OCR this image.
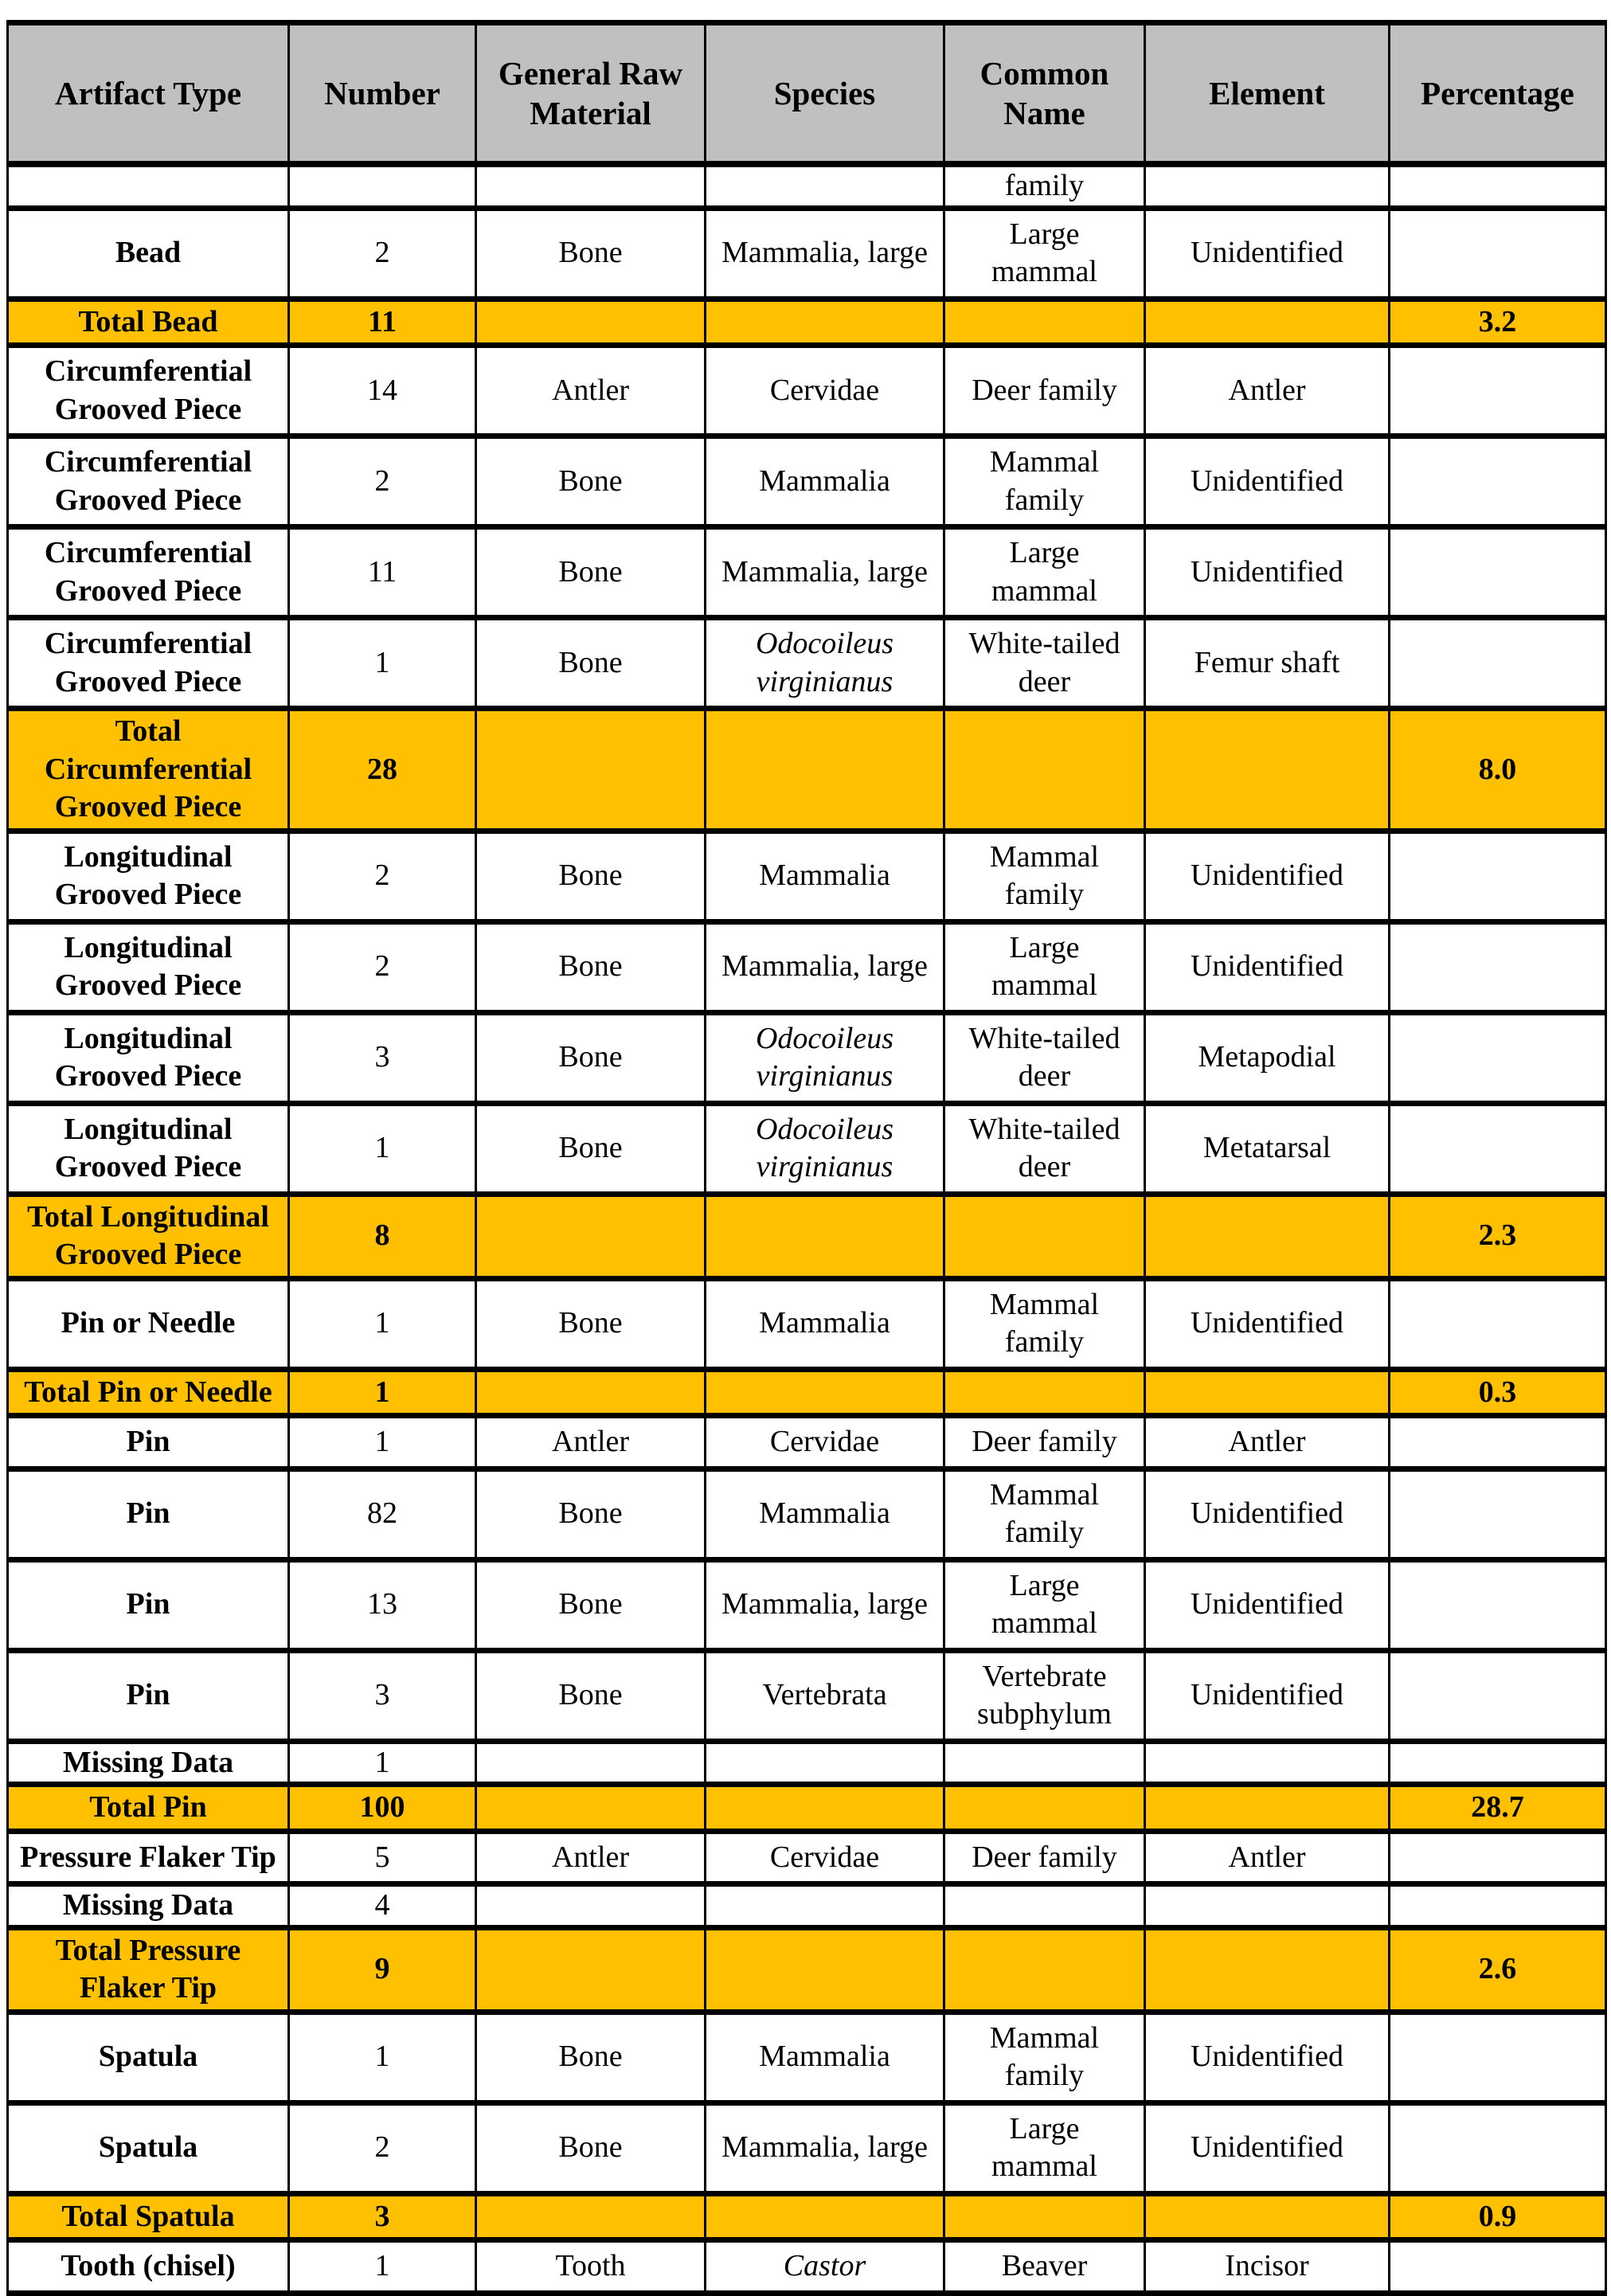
Artifact Type	Number	General Raw Material	Species	Common Name	Element	Percentage
				family		
Bead	2	Bone	Mammalia, large	Large mammal	Unidentified	
Total Bead	11					3.2
Circumferential Grooved Piece	14	Antler	Cervidae	Deer family	Antler	
Circumferential Grooved Piece	2	Bone	Mammalia	Mammal family	Unidentified	
Circumferential Grooved Piece	11	Bone	Mammalia, large	Large mammal	Unidentified	
Circumferential Grooved Piece	1	Bone	Odocoileus virginianus	White-tailed deer	Femur shaft	
Total Circumferential Grooved Piece	28					8.0
Longitudinal Grooved Piece	2	Bone	Mammalia	Mammal family	Unidentified	
Longitudinal Grooved Piece	2	Bone	Mammalia, large	Large mammal	Unidentified	
Longitudinal Grooved Piece	3	Bone	Odocoileus virginianus	White-tailed deer	Metapodial	
Longitudinal Grooved Piece	1	Bone	Odocoileus virginianus	White-tailed deer	Metatarsal	
Total Longitudinal Grooved Piece	8					2.3
Pin or Needle	1	Bone	Mammalia	Mammal family	Unidentified	
Total Pin or Needle	1					0.3
Pin	1	Antler	Cervidae	Deer family	Antler	
Pin	82	Bone	Mammalia	Mammal family	Unidentified	
Pin	13	Bone	Mammalia, large	Large mammal	Unidentified	
Pin	3	Bone	Vertebrata	Vertebrate subphylum	Unidentified	
Missing Data	1					
Total Pin	100					28.7
Pressure Flaker Tip	5	Antler	Cervidae	Deer family	Antler	
Missing Data	4					
Total Pressure Flaker Tip	9					2.6
Spatula	1	Bone	Mammalia	Mammal family	Unidentified	
Spatula	2	Bone	Mammalia, large	Large mammal	Unidentified	
Total Spatula	3					0.9
Tooth (chisel)	1	Tooth	Castor	Beaver	Incisor	
